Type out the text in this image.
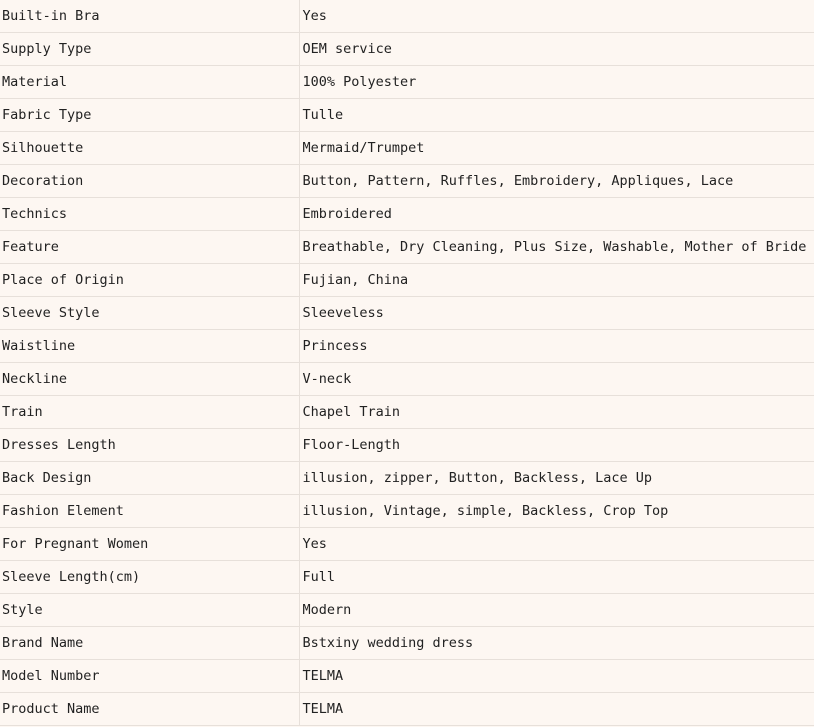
Built-in Bra	Yes
Supply Type	OEM service
Material	100% Polyester
Fabric Type	Tulle
Silhouette	Mermaid/Trumpet
Decoration	Button, Pattern, Ruffles, Embroidery, Appliques, Lace
Technics	Embroidered
Feature	Breathable, Dry Cleaning, Plus Size, Washable, Mother of Bride
Place of Origin	Fujian, China
Sleeve Style	Sleeveless
Waistline	Princess
Neckline	V-neck
Train	Chapel Train
Dresses Length	Floor-Length
Back Design	illusion, zipper, Button, Backless, Lace Up
Fashion Element	illusion, Vintage, simple, Backless, Crop Top
For Pregnant Women	Yes
Sleeve Length(cm)	Full
Style	Modern
Brand Name	Bstxiny wedding dress
Model Number	TELMA
Product Name	TELMA
